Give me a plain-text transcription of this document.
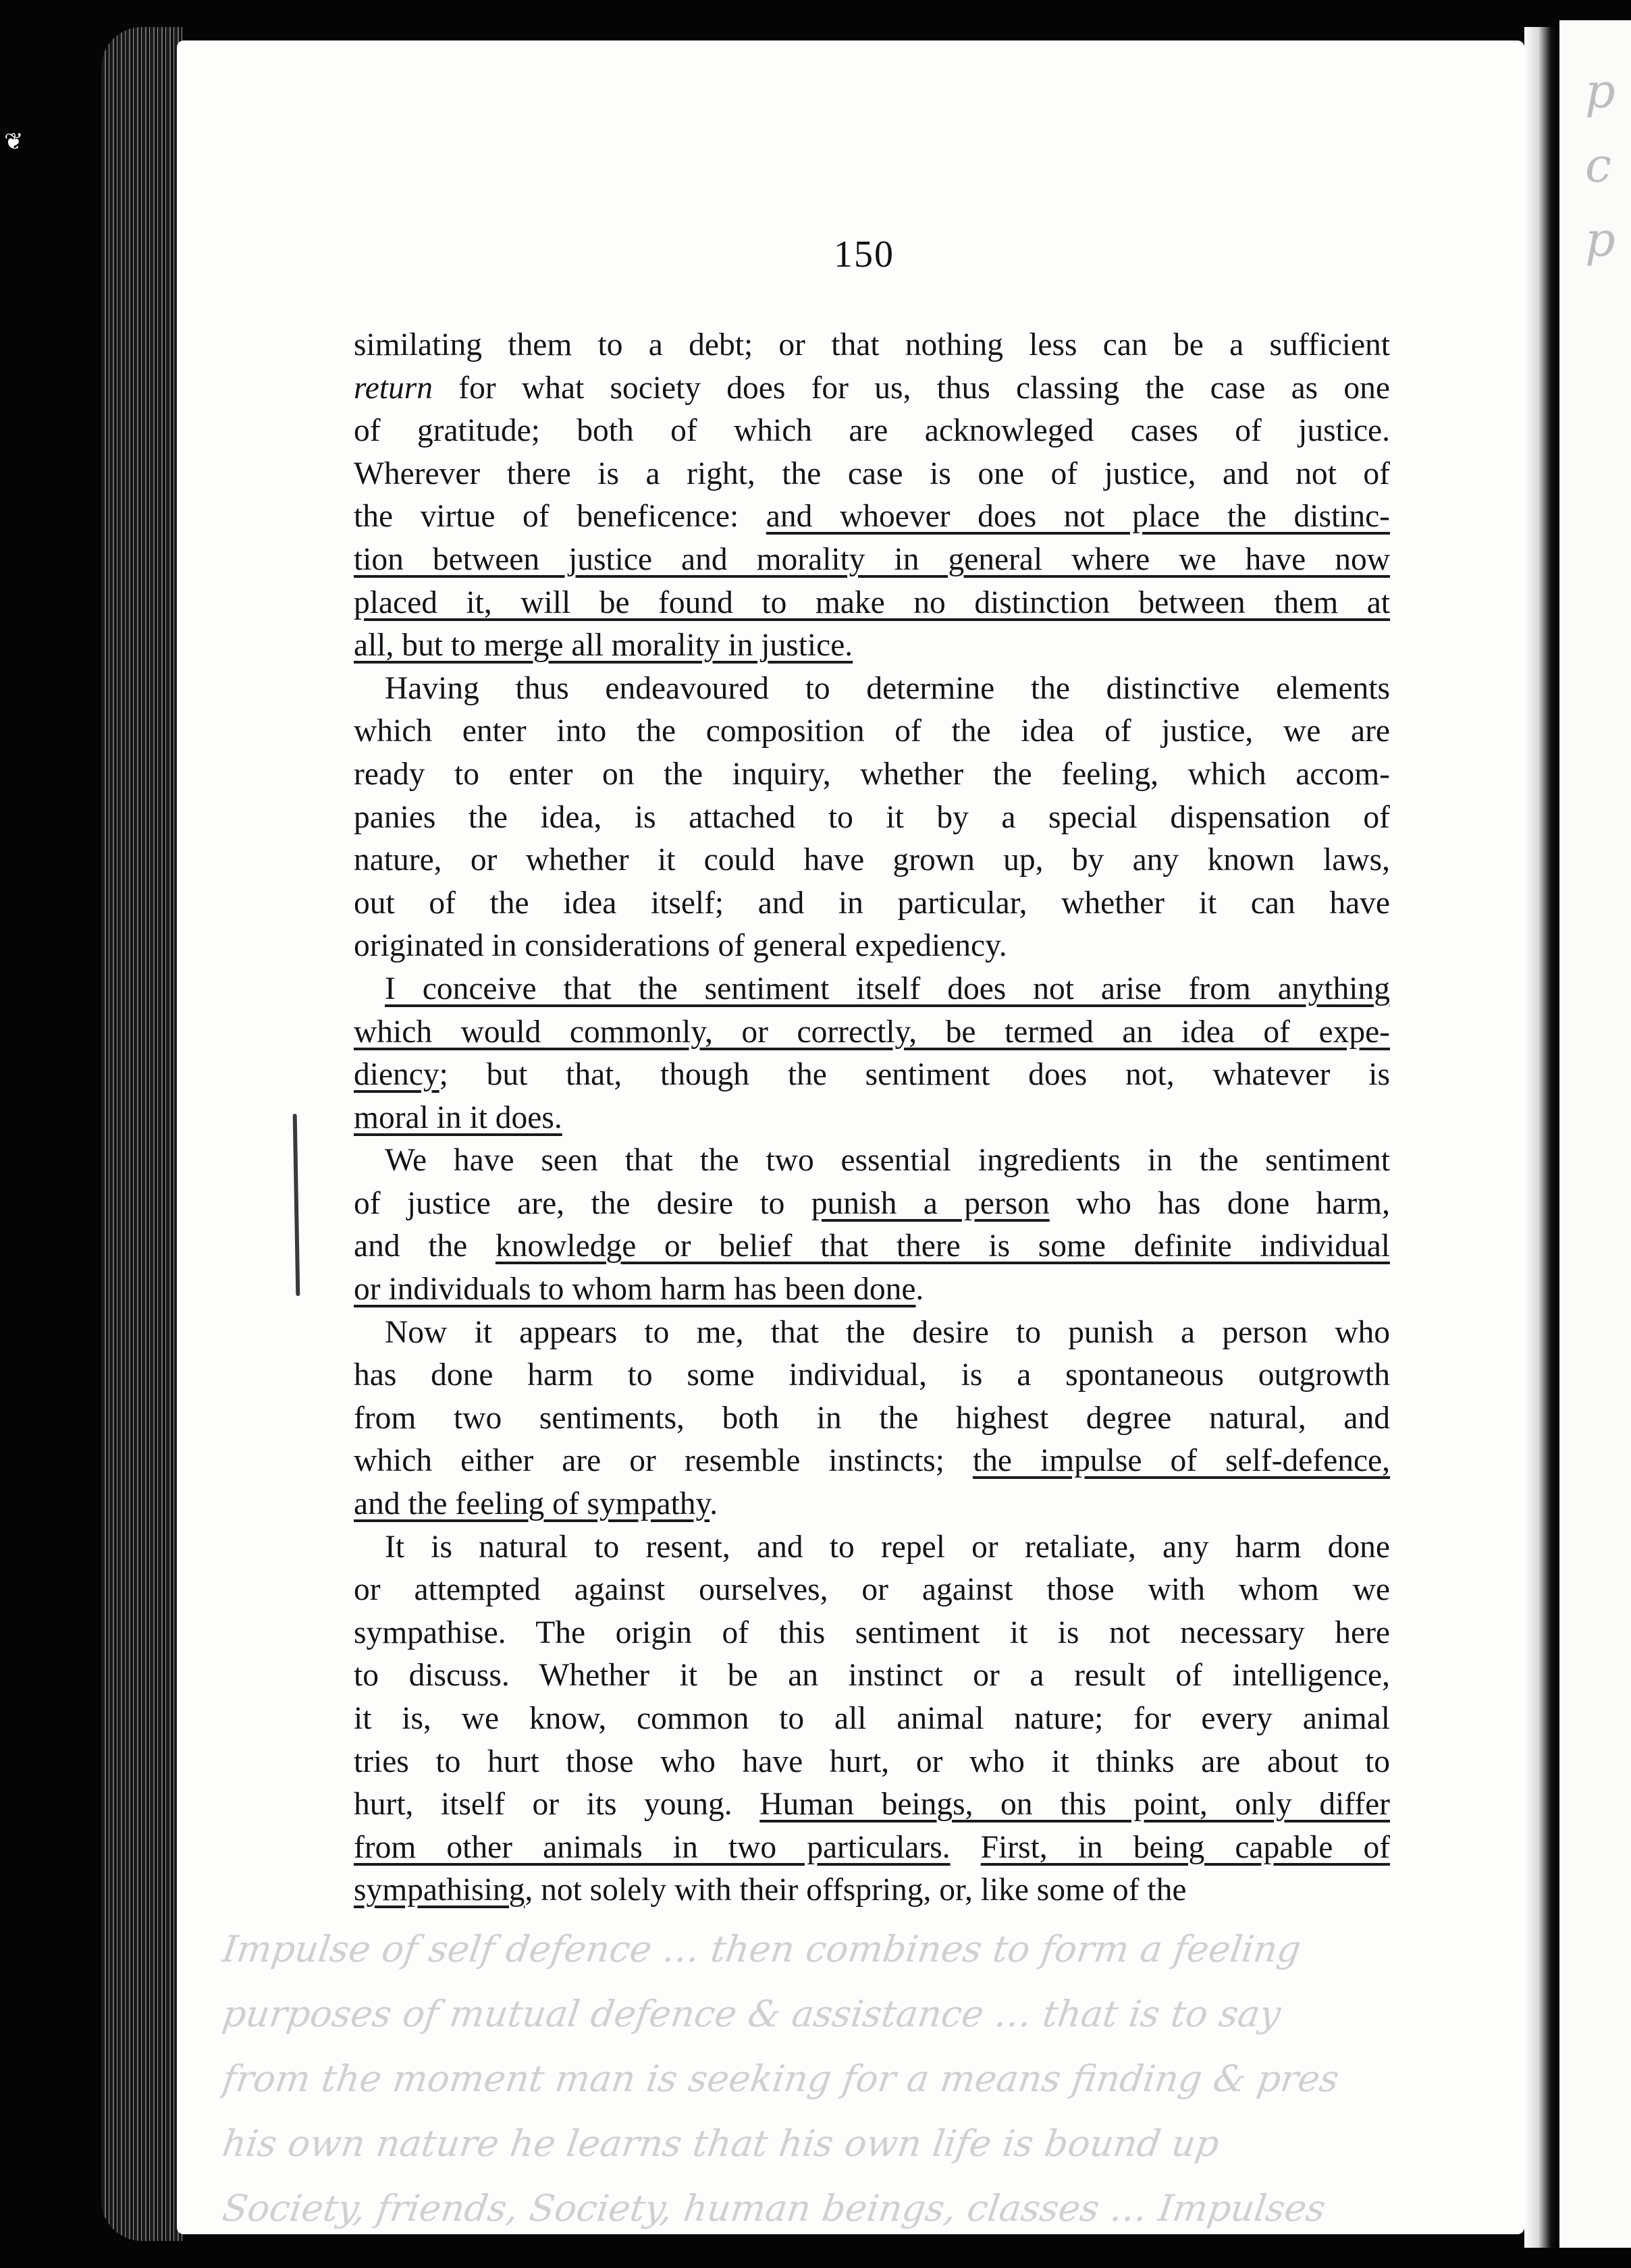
p
c
p
❦
150
similating them to a debt; or that nothing less can be a sufficient
return for what society does for us, thus classing the case as one
of gratitude; both of which are acknowleged cases of justice.
Wherever there is a right, the case is one of justice, and not of
the virtue of beneficence: and whoever does not place the distinc-
tion between justice and morality in general where we have now
placed it, will be found to make no distinction between them at
all, but to merge all morality in justice.
Having thus endeavoured to determine the distinctive elements
which enter into the composition of the idea of justice, we are
ready to enter on the inquiry, whether the feeling, which accom-
panies the idea, is attached to it by a special dispensation of
nature, or whether it could have grown up, by any known laws,
out of the idea itself; and in particular, whether it can have
originated in considerations of general expediency.
I conceive that the sentiment itself does not arise from anything
which would commonly, or correctly, be termed an idea of expe-
diency; but that, though the sentiment does not, whatever is
moral in it does.
We have seen that the two essential ingredients in the sentiment
of justice are, the desire to punish a person who has done harm,
and the knowledge or belief that there is some definite individual
or individuals to whom harm has been done.
Now it appears to me, that the desire to punish a person who
has done harm to some individual, is a spontaneous outgrowth
from two sentiments, both in the highest degree natural, and
which either are or resemble instincts; the impulse of self-defence,
and the feeling of sympathy.
It is natural to resent, and to repel or retaliate, any harm done
or attempted against ourselves, or against those with whom we
sympathise. The origin of this sentiment it is not necessary here
to discuss. Whether it be an instinct or a result of intelligence,
it is, we know, common to all animal nature; for every animal
tries to hurt those who have hurt, or who it thinks are about to
hurt, itself or its young. Human beings, on this point, only differ
from other animals in two particulars. First, in being capable of
sympathising, not solely with their offspring, or, like some of the
Impulse of self defence … then combines to form a feeling
purposes of mutual defence & assistance … that is to say
from the moment man is seeking for a means finding & pres
his own nature he learns that his own life is bound up
Society, friends, Society, human beings, classes … Impulses
